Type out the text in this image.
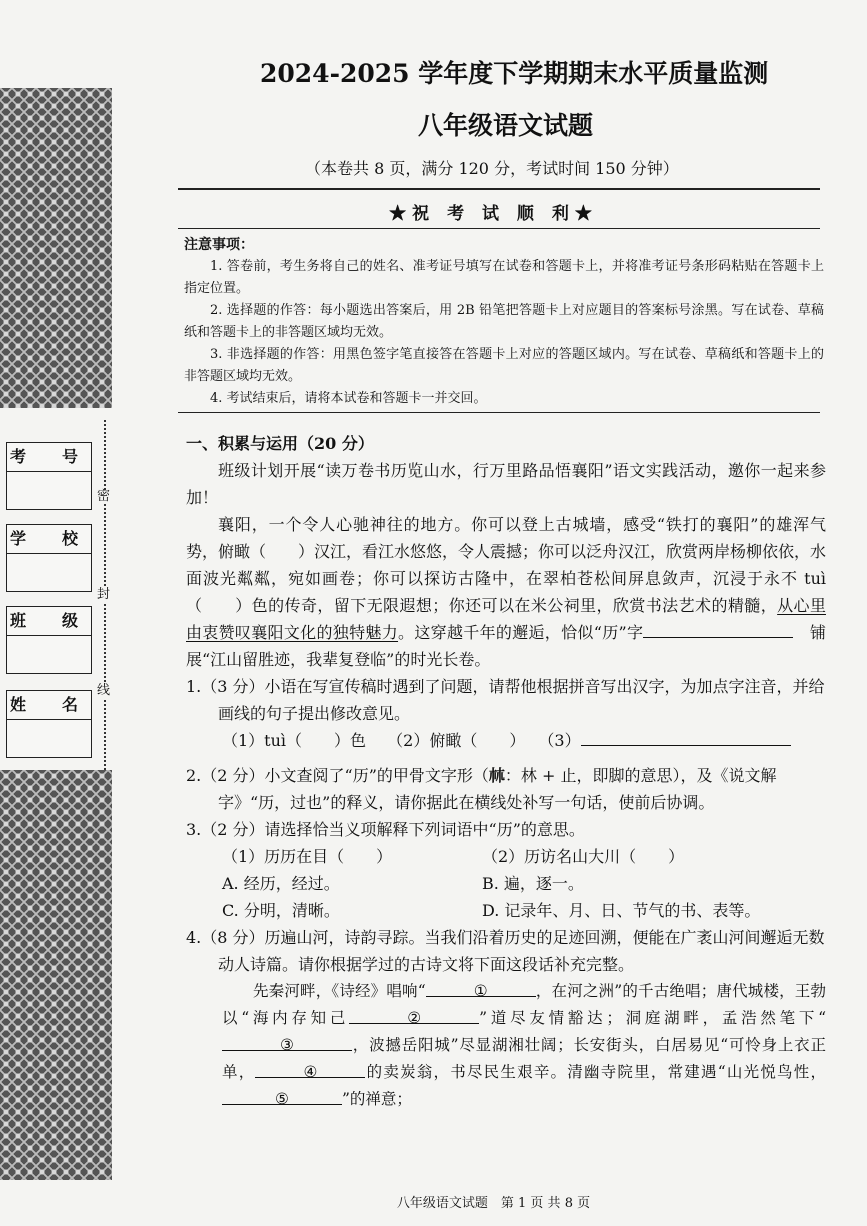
考　号
学　校
班　级
姓　名
密
封
线
2024-2025 学年度下学期期末水平质量监测
八年级语文试题
（本卷共 8 页，满分 120 分，考试时间 150 分钟）
★祝 考 试 顺 利★
注意事项：

1. 答卷前，考生务将自己的姓名、准考证号填写在试卷和答题卡上，并将准考证号条形码粘贴在答题卡上指定位置。

2. 选择题的作答：每小题选出答案后，用 2B 铅笔把答题卡上对应题目的答案标号涂黑。写在试卷、草稿纸和答题卡上的非答题区域均无效。

3. 非选择题的作答：用黑色签字笔直接答在答题卡上对应的答题区域内。写在试卷、草稿纸和答题卡上的非答题区域均无效。

4. 考试结束后，请将本试卷和答题卡一并交回。

一、积累与运用（20 分）

班级计划开展“读万卷书历览山水，行万里路品悟襄阳”语文实践活动，邀你一起来参加！

襄阳，一个令人心驰神往的地方。你可以登上古城墙，感受“铁打的襄阳”的雄浑气势，俯瞰（　　）汉江，看江水悠悠，令人震撼；你可以泛舟汉江，欣赏两岸杨柳依依，水面波光粼粼，宛如画卷；你可以探访古隆中，在翠柏苍松间屏息敛声，沉浸于永不 tuì（　　）色的传奇，留下无限遐想；你还可以在米公祠里，欣赏书法艺术的精髓，从心里由衷赞叹襄阳文化的独特魅力。这穿越千年的邂逅，恰似“历”字　	铺展“江山留胜迹，我辈复登临”的时光长卷。

1.（3 分）小语在写宣传稿时遇到了问题，请帮他根据拼音写出汉字，为加点字注音，并给画线的句子提出修改意见。

（1）tuì（　　）色　 （2）俯瞰（　　）　 （3）

2.（2 分）小文查阅了“历”的甲骨文字形（𣏟：林 + 止，即脚的意思），及《说文解字》“历，过也”的释义，请你据此在横线处补写一句话，使前后协调。

3.（2 分）请选择恰当义项解释下列词语中“历”的意思。

（1）历历在目（　　）	（2）历访名山大川（　　）
A. 经历，经过。	B. 遍，逐一。
C. 分明，清晰。	D. 记录年、月、日、节气的书、表等。

4.（8 分）历遍山河，诗韵寻踪。当我们沿着历史的足迹回溯，便能在广袤山河间邂逅无数动人诗篇。请你根据学过的古诗文将下面这段话补充完整。

先秦河畔，《诗经》唱响“	①	，在河之洲”的千古绝唱；唐代城楼，王勃以“海内存知己	②	”道尽友情豁达；洞庭湖畔，孟浩然笔下“③	，波撼岳阳城”尽显湖湘壮阔；长安街头，白居易见“可怜身上衣正单，	④	的卖炭翁，书尽民生艰辛。清幽寺院里，常建遇“山光悦鸟性，⑤	”的禅意；

八年级语文试题　第 1 页 共 8 页
